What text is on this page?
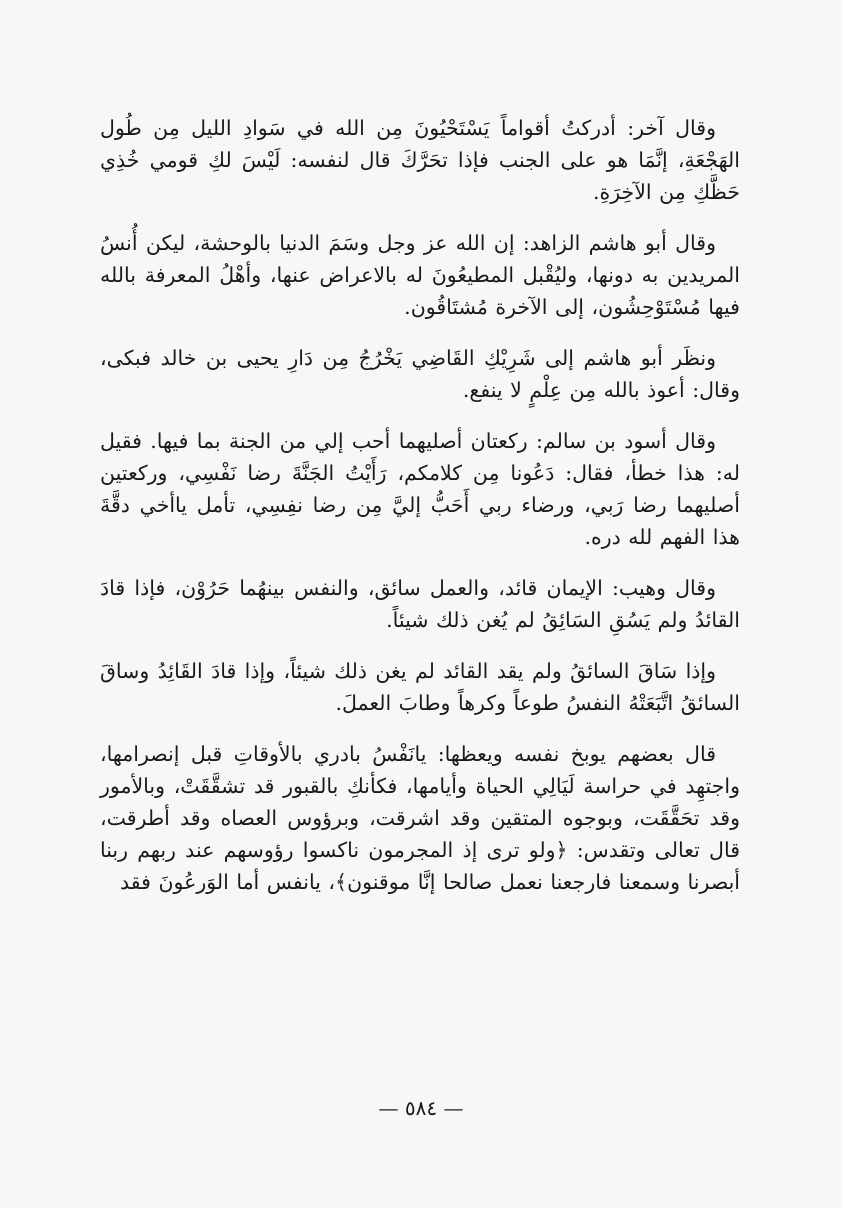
وقال آخر: أدركتُ أقواماً يَسْتَحْيُونَ مِن الله في سَوادِ الليل مِن طُول الهَجْعَةِ، إنَّمَا هو على الجنب فإذا تحَرَّكَ قال لنفسه: لَيْسَ لكِ قومي خُذِي حَظَّكِ مِن الآخِرَةِ.

وقال أبو هاشم الزاهد: إن الله عز وجل وسَمَ الدنيا بالوحشة، ليكن أُنسُ المريدين به دونها، وليُقْبل المطيعُونَ له بالاعراض عنها، وأهْلُ المعرفة بالله فيها مُسْتَوْحِشُون، إلى الآخرة مُشتَاقُون.

ونظَر أبو هاشم إلى شَرِيْكِ القَاضِي يَخْرُجُ مِن دَارِ يحيى بن خالد فبكى، وقال: أعوذ بالله مِن عِلْمٍ لا ينفع.

وقال أسود بن سالم: ركعتان أصليهما أحب إلي من الجنة بما فيها. فقيل له: هذا خطأ، فقال: دَعُونا مِن كلامكم، رَأَيْتُ الجَنَّةَ رضا نَفْسِي، وركعتين أصليهما رضا رَبي، ورضاء ربي أَحَبُّ إليَّ مِن رضا نفِسِي، تأمل ياأخي دقَّةَ هذا الفهم لله دره.

وقال وهيب: الإيمان قائد، والعمل سائق، والنفس بينهُما حَرُوْن، فإذا قادَ القائدُ ولم يَسُقِ السَائِقُ لم يُغن ذلك شيئاً.

وإذا سَاقَ السائقُ ولم يقد القائد لم يغن ذلك شيئاً، وإذا قادَ القَائِدُ وساقَ السائقُ اتَّبَعَتْهُ النفسُ طوعاً وكرهاً وطابَ العملَ.

قال بعضهم يوبخ نفسه ويعظها: يانَفْسُ بادري بالأوقاتِ قبل إنصرامها، واجتهِد في حراسة لَيَالِي الحياة وأيامها، فكأنكِ بالقبور قد تشقَّقَتْ، وبالأمور وقد تحَقَّقَت، وبوجوه المتقين وقد اشرقت، وبرؤوس العصاه وقد أطرقت، قال تعالى وتقدس: ﴿ولو ترى إذ المجرمون ناكسوا رؤوسهم عند ربهم ربنا أبصرنا وسمعنا فارجعنا نعمل صالحا إنَّا موقنون﴾، يانفس أما الوَرعُونَ فقد

— ٥٨٤ —
